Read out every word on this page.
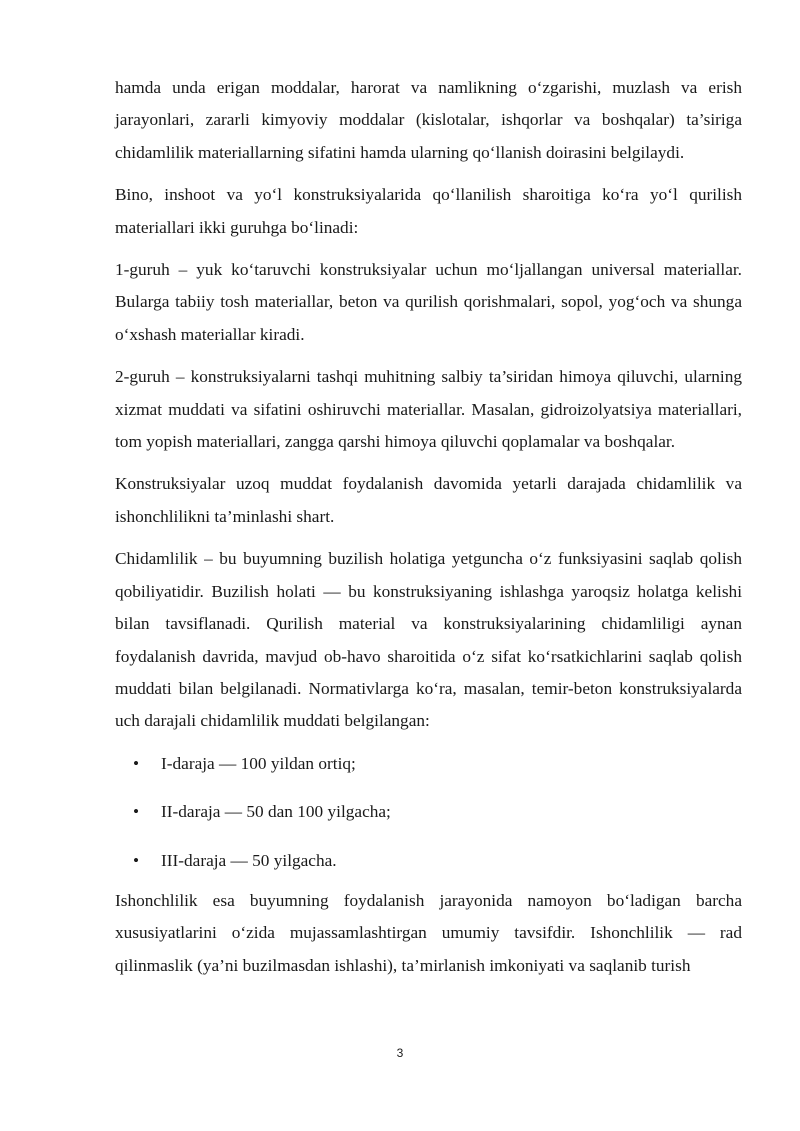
hamda unda erigan moddalar, harorat va namlikning o‘zgarishi, muzlash va erish jarayonlari, zararli kimyoviy moddalar (kislotalar, ishqorlar va boshqalar) ta’siriga chidamlilik materiallarning sifatini hamda ularning qo‘llanish doirasini belgilaydi.

Bino, inshoot va yo‘l konstruksiyalarida qo‘llanilish sharoitiga ko‘ra yo‘l qurilish materiallari ikki guruhga bo‘linadi:

1-guruh – yuk ko‘taruvchi konstruksiyalar uchun mo‘ljallangan universal materiallar. Bularga tabiiy tosh materiallar, beton va qurilish qorishmalari, sopol, yog‘och va shunga o‘xshash materiallar kiradi.

2-guruh – konstruksiyalarni tashqi muhitning salbiy ta’siridan himoya qiluvchi, ularning xizmat muddati va sifatini oshiruvchi materiallar. Masalan, gidroizolyatsiya materiallari, tom yopish materiallari, zangga qarshi himoya qiluvchi qoplamalar va boshqalar.

Konstruksiyalar uzoq muddat foydalanish davomida yetarli darajada chidamlilik va ishonchlilikni ta’minlashi shart.

Chidamlilik – bu buyumning buzilish holatiga yetguncha o‘z funksiyasini saqlab qolish qobiliyatidir. Buzilish holati — bu konstruksiyaning ishlashga yaroqsiz holatga kelishi bilan tavsiflanadi. Qurilish material va konstruksiyalarining chidamliligi aynan foydalanish davrida, mavjud ob-havo sharoitida o‘z sifat ko‘rsatkichlarini saqlab qolish muddati bilan belgilanadi. Normativlarga ko‘ra, masalan, temir-beton konstruksiyalarda uch darajali chidamlilik muddati belgilangan:

• I-daraja — 100 yildan ortiq;
• II-daraja — 50 dan 100 yilgacha;
• III-daraja — 50 yilgacha.

Ishonchlilik esa buyumning foydalanish jarayonida namoyon bo‘ladigan barcha xususiyatlarini o‘zida mujassamlashtirgan umumiy tavsifdir. Ishonchlilik — rad qilinmaslik (ya’ni buzilmasdan ishlashi), ta’mirlanish imkoniyati va saqlanib turish

3
